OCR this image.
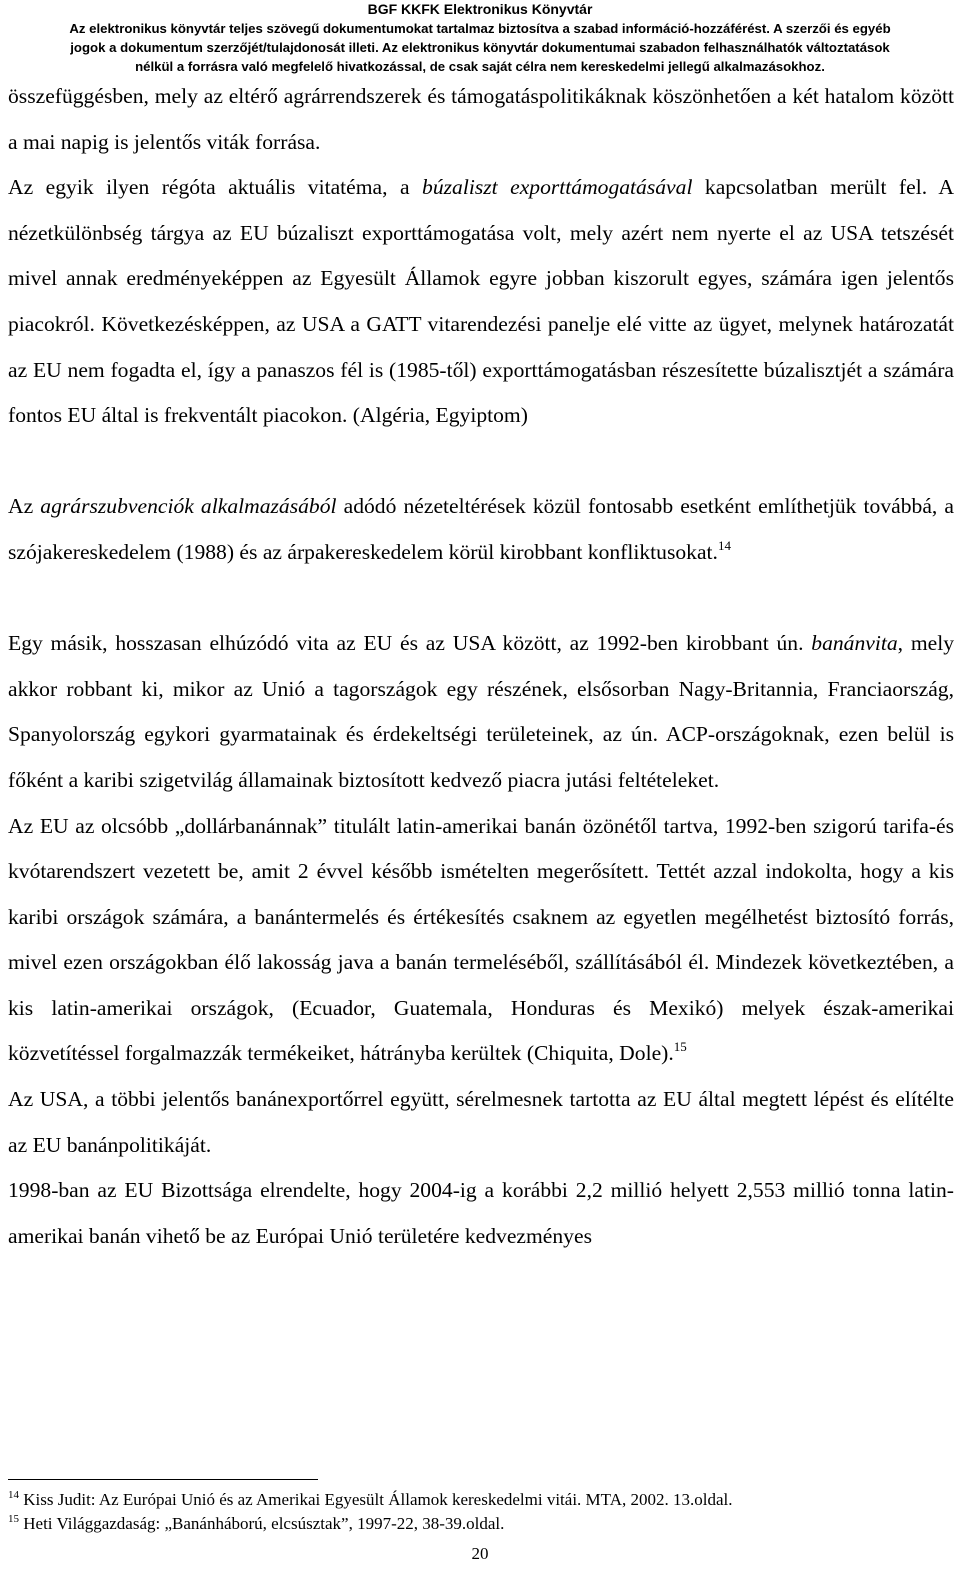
BGF KKFK Elektronikus Könyvtár
Az elektronikus könyvtár teljes szövegű dokumentumokat tartalmaz biztosítva a szabad információ-hozzáférést. A szerzői és egyéb
jogok a dokumentum szerzőjét/tulajdonosát illeti. Az elektronikus könyvtár dokumentumai szabadon felhasználhatók változtatások
nélkül a forrásra való megfelelő hivatkozással, de csak saját célra nem kereskedelmi jellegű alkalmazásokhoz.

összefüggésben, mely az eltérő agrárrendszerek és támogatáspolitikáknak köszönhetően a két hatalom között a mai napig is jelentős viták forrása.

Az egyik ilyen régóta aktuális vitatéma, a búzaliszt exporttámogatásával kapcsolatban merült fel. A nézetkülönbség tárgya az EU búzaliszt exporttámogatása volt, mely azért nem nyerte el az USA tetszését mivel annak eredményeképpen az Egyesült Államok egyre jobban kiszorult egyes, számára igen jelentős piacokról. Következésképpen, az USA a GATT vitarendezési panelje elé vitte az ügyet, melynek határozatát az EU nem fogadta el, így a panaszos fél is (1985-től) exporttámogatásban részesítette búzalisztjét a számára fontos EU által is frekventált piacokon. (Algéria, Egyiptom)

Az agrárszubvenciók alkalmazásából adódó nézeteltérések közül fontosabb esetként említhetjük továbbá, a szójakereskedelem (1988) és az árpakereskedelem körül kirobbant konfliktusokat.$^{14}$

Egy másik, hosszasan elhúzódó vita az EU és az USA között, az 1992-ben kirobbant ún. banánvita, mely akkor robbant ki, mikor az Unió a tagországok egy részének, elsősorban Nagy-Britannia, Franciaország, Spanyolország egykori gyarmatainak és érdekeltségi területeinek, az ún. ACP-országoknak, ezen belül is főként a karibi szigetvilág államainak biztosított kedvező piacra jutási feltételeket.

Az EU az olcsóbb „dollárbanánnak” titulált latin-amerikai banán özönétől tartva, 1992-ben szigorú tarifa-és kvótarendszert vezetett be, amit 2 évvel később ismételten megerősített. Tettét azzal indokolta, hogy a kis karibi országok számára, a banántermelés és értékesítés csaknem az egyetlen megélhetést biztosító forrás, mivel ezen országokban élő lakosság java a banán termeléséből, szállításából él. Mindezek következtében, a kis latin-amerikai országok, (Ecuador, Guatemala, Honduras és Mexikó) melyek észak-amerikai közvetítéssel forgalmazzák termékeiket, hátrányba kerültek (Chiquita, Dole).$^{15}$

Az USA, a többi jelentős banánexportőrrel együtt, sérelmesnek tartotta az EU által megtett lépést és elítélte az EU banánpolitikáját.

1998-ban az EU Bizottsága elrendelte, hogy 2004-ig a korábbi 2,2 millió helyett 2,553 millió tonna latin-amerikai banán vihető be az Európai Unió területére kedvezményes

$^{14}$ Kiss Judit: Az Európai Unió és az Amerikai Egyesült Államok kereskedelmi vitái. MTA, 2002. 13.oldal.
$^{15}$ Heti Világgazdaság: „Banánháború, elcsúsztak”, 1997-22, 38-39.oldal.
20
